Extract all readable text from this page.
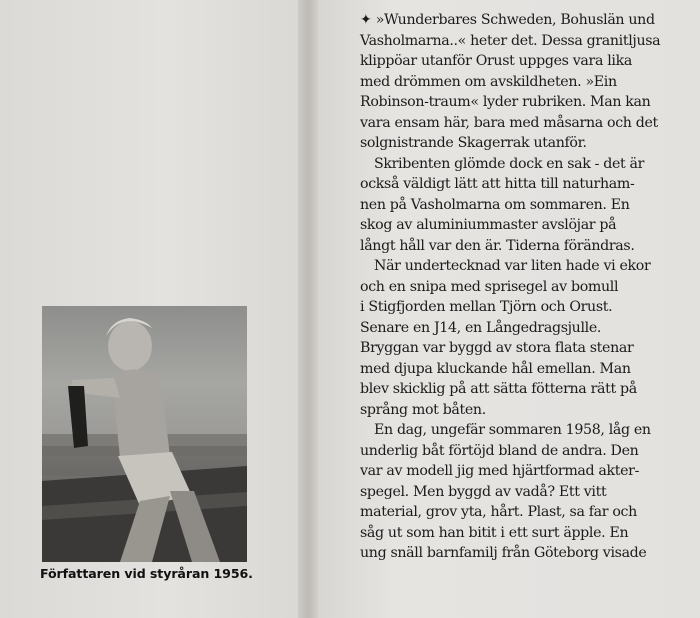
Författaren vid styråran 1956.
✦ »Wunderbares Schweden, Bohuslän und
Vasholmarna..« heter det. Dessa granitljusa
klippöar utanför Orust uppges vara lika
med drömmen om avskildheten. »Ein
Robinson-traum« lyder rubriken. Man kan
vara ensam här, bara med måsarna och det
solgnistrande Skagerrak utanför.
Skribenten glömde dock en sak - det är
också väldigt lätt att hitta till naturham-
nen på Vasholmarna om sommaren. En
skog av aluminiummaster avslöjar på
långt håll var den är. Tiderna förändras.
När undertecknad var liten hade vi ekor
och en snipa med sprisegel av bomull
i Stigfjorden mellan Tjörn och Orust.
Senare en J14, en Långedragsjulle.
Bryggan var byggd av stora flata stenar
med djupa kluckande hål emellan. Man
blev skicklig på att sätta fötterna rätt på
språng mot båten.
En dag, ungefär sommaren 1958, låg en
underlig båt förtöjd bland de andra. Den
var av modell jig med hjärtformad akter-
spegel. Men byggd av vadå? Ett vitt
material, grov yta, hårt. Plast, sa far och
såg ut som han bitit i ett surt äpple. En
ung snäll barnfamilj från Göteborg visade
